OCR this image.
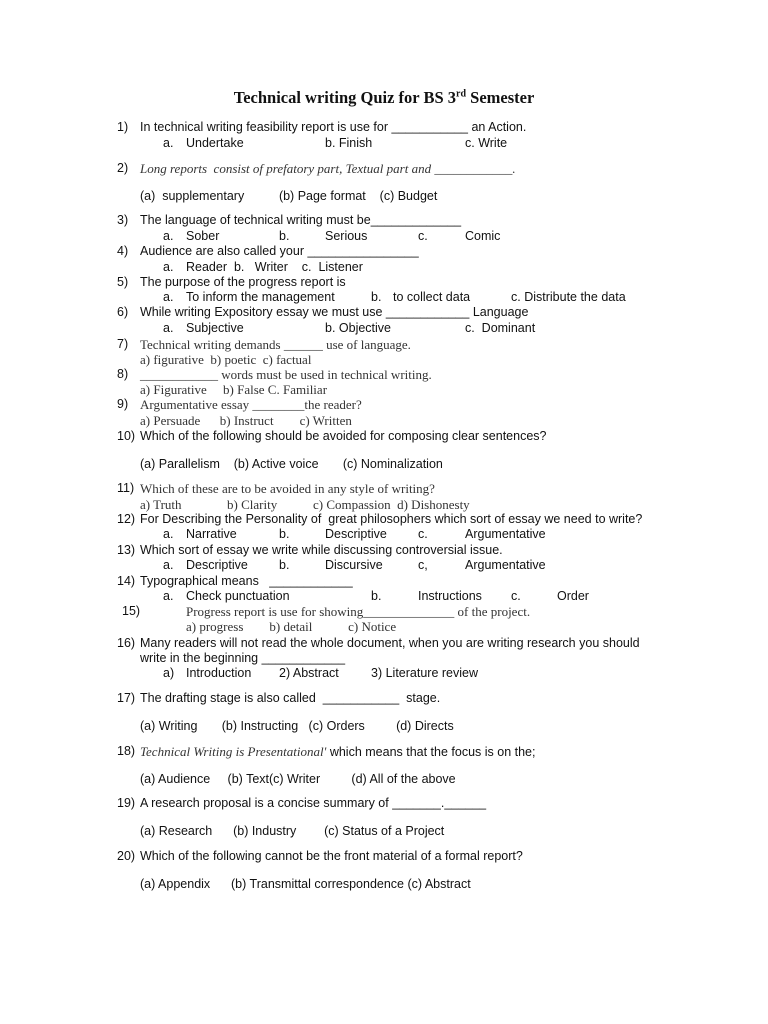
Technical writing Quiz for BS 3rd Semester
1) In technical writing feasibility report is use for ___________ an Action.
a. Undertake	b. Finish	c. Write
2) Long reports  consist of prefatory part, Textual part and ____________.
(a)  supplementary          (b) Page format    (c) Budget
3) The language of technical writing must be_____________
a. Sober	b.	Serious	c.	Comic
4) Audience are also called your ________________
a. Reader  b.   Writer    c.  Listener
5) The purpose of the progress report is
a. To inform the management	b. to collect data	c. Distribute the data
6) While writing Expository essay we must use ____________ Language
a. Subjective	b. Objective	c.  Dominant
7) Technical writing demands ______ use of language.
a) figurative  b) poetic  c) factual
8) ____________ words must be used in technical writing.
a) Figurative     b) False C. Familiar
9) Argumentative essay ________the reader?
a) Persuade      b) Instruct        c) Written
10) Which of the following should be avoided for composing clear sentences?
(a) Parallelism    (b) Active voice       (c) Nominalization
11) Which of these are to be avoided in any style of writing?
a) Truth              b) Clarity           c) Compassion  d) Dishonesty
12) For Describing the Personality of  great philosophers which sort of essay we need to write?
a. Narrative	b.	Descriptive c.	Argumentative
13) Which sort of essay we write while discussing controversial issue.
a. Descriptive b.	Discursive	c,	Argumentative
14) Typographical means   ____________
a. Check punctuation	b.	Instructions c.	Order
15)	Progress report is use for showing______________ of the project.
a) progress        b) detail           c) Notice
16) Many readers will not read the whole document, when you are writing research you should
write in the beginning ____________
a) Introduction 2) Abstract	3) Literature review
17) The drafting stage is also called  ___________  stage.
(a) Writing       (b) Instructing   (c) Orders         (d) Directs
18) Technical Writing is Presentational' which means that the focus is on the;
(a) Audience     (b) Text(c) Writer         (d) All of the above
19) A research proposal is a concise summary of _______.______
(a) Research      (b) Industry        (c) Status of a Project
20) Which of the following cannot be the front material of a formal report?
(a) Appendix      (b) Transmittal correspondence (c) Abstract
